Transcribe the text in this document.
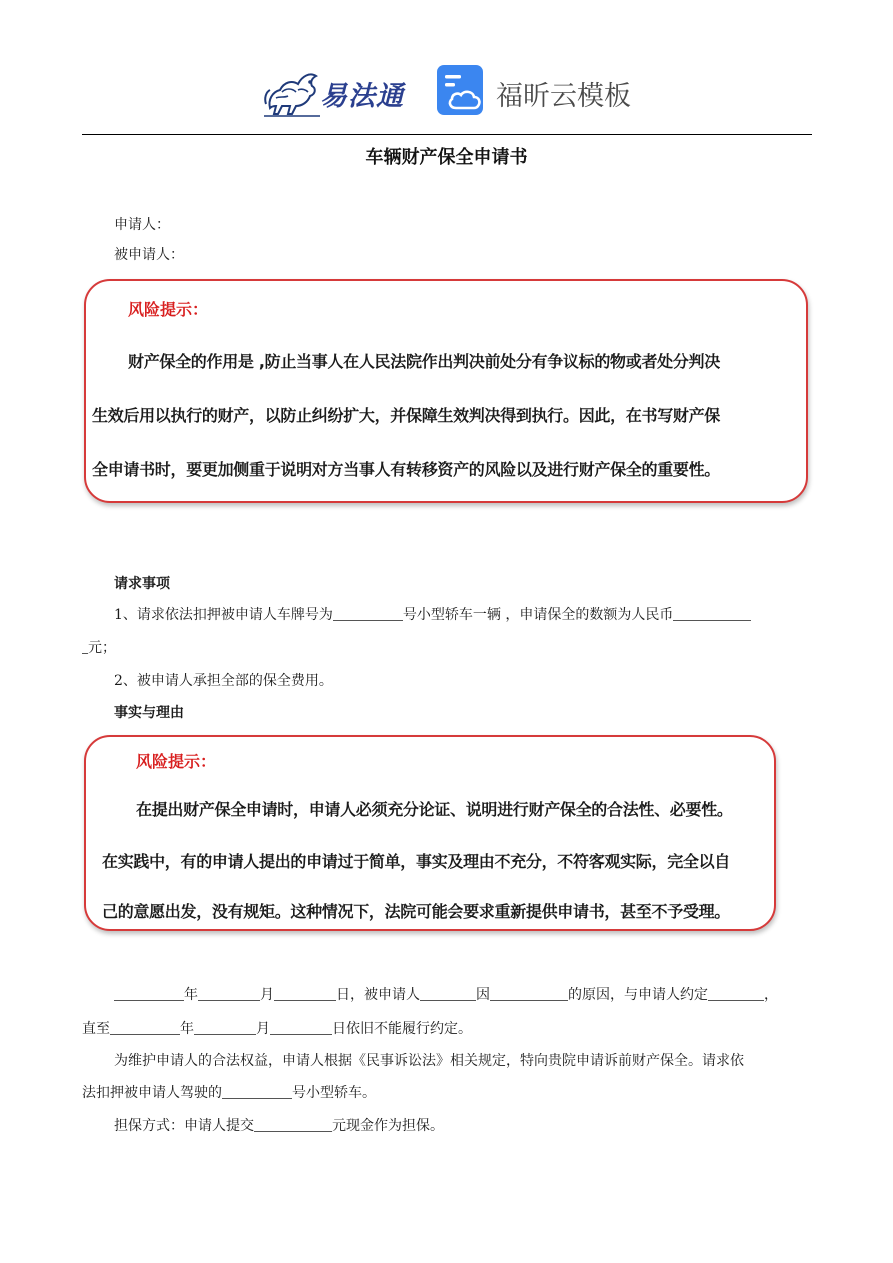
易法通	福昕云模板
车辆财产保全申请书
申请人：
被申请人：
风险提示：
财产保全的作用是 ,防止当事人在人民法院作出判决前处分有争议标的物或者处分判决
生效后用以执行的财产，以防止纠纷扩大，并保障生效判决得到执行。因此，在书写财产保
全申请书时，要更加侧重于说明对方当事人有转移资产的风险以及进行财产保全的重要性。
请求事项
1、请求依法扣押被申请人车牌号为	号小型轿车一辆 ，申请保全的数额为人民币
元；
2、被申请人承担全部的保全费用。
事实与理由
风险提示：
在提出财产保全申请时，申请人必须充分论证、说明进行财产保全的合法性、必要性。
在实践中，有的申请人提出的申请过于简单，事实及理由不充分，不符客观实际，完全以自
己的意愿出发，没有规矩。这种情况下，法院可能会要求重新提供申请书，甚至不予受理。
年	月	日，被申请人	因	的原因，与申请人约定	，
直至	年	月	日依旧不能履行约定。
为维护申请人的合法权益，申请人根据《民事诉讼法》相关规定，特向贵院申请诉前财产保全。请求依
法扣押被申请人驾驶的	号小型轿车。
担保方式：申请人提交	元现金作为担保。
